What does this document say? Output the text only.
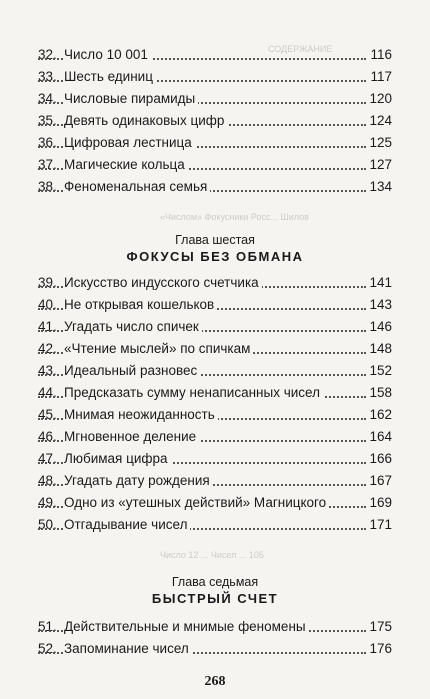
СОДЕРЖАНИЕ
«Числом» Фокусники Росс... Шилов
Число 12 ... Чисел ... 105
32. Число 10 001	116
33. Шесть единиц	117
34. Числовые пирамиды	120
35. Девять одинаковых цифр	124
36. Цифровая лестница	125
37. Магические кольца	127
38. Феноменальная семья	134
Глава шестая
ФОКУСЫ БЕЗ ОБМАНА
39. Искусство индусского счетчика	141
40. Не открывая кошельков	143
41. Угадать число спичек	146
42. «Чтение мыслей» по спичкам	148
43. Идеальный разновес	152
44. Предсказать сумму ненаписанных чисел	158
45. Мнимая неожиданность	162
46. Мгновенное деление	164
47. Любимая цифра	166
48. Угадать дату рождения	167
49. Одно из «утешных действий» Магницкого	169
50. Отгадывание чисел	171
Глава седьмая
БЫСТРЫЙ СЧЕТ
51. Действительные и мнимые феномены	175
52. Запоминание чисел	176
268
